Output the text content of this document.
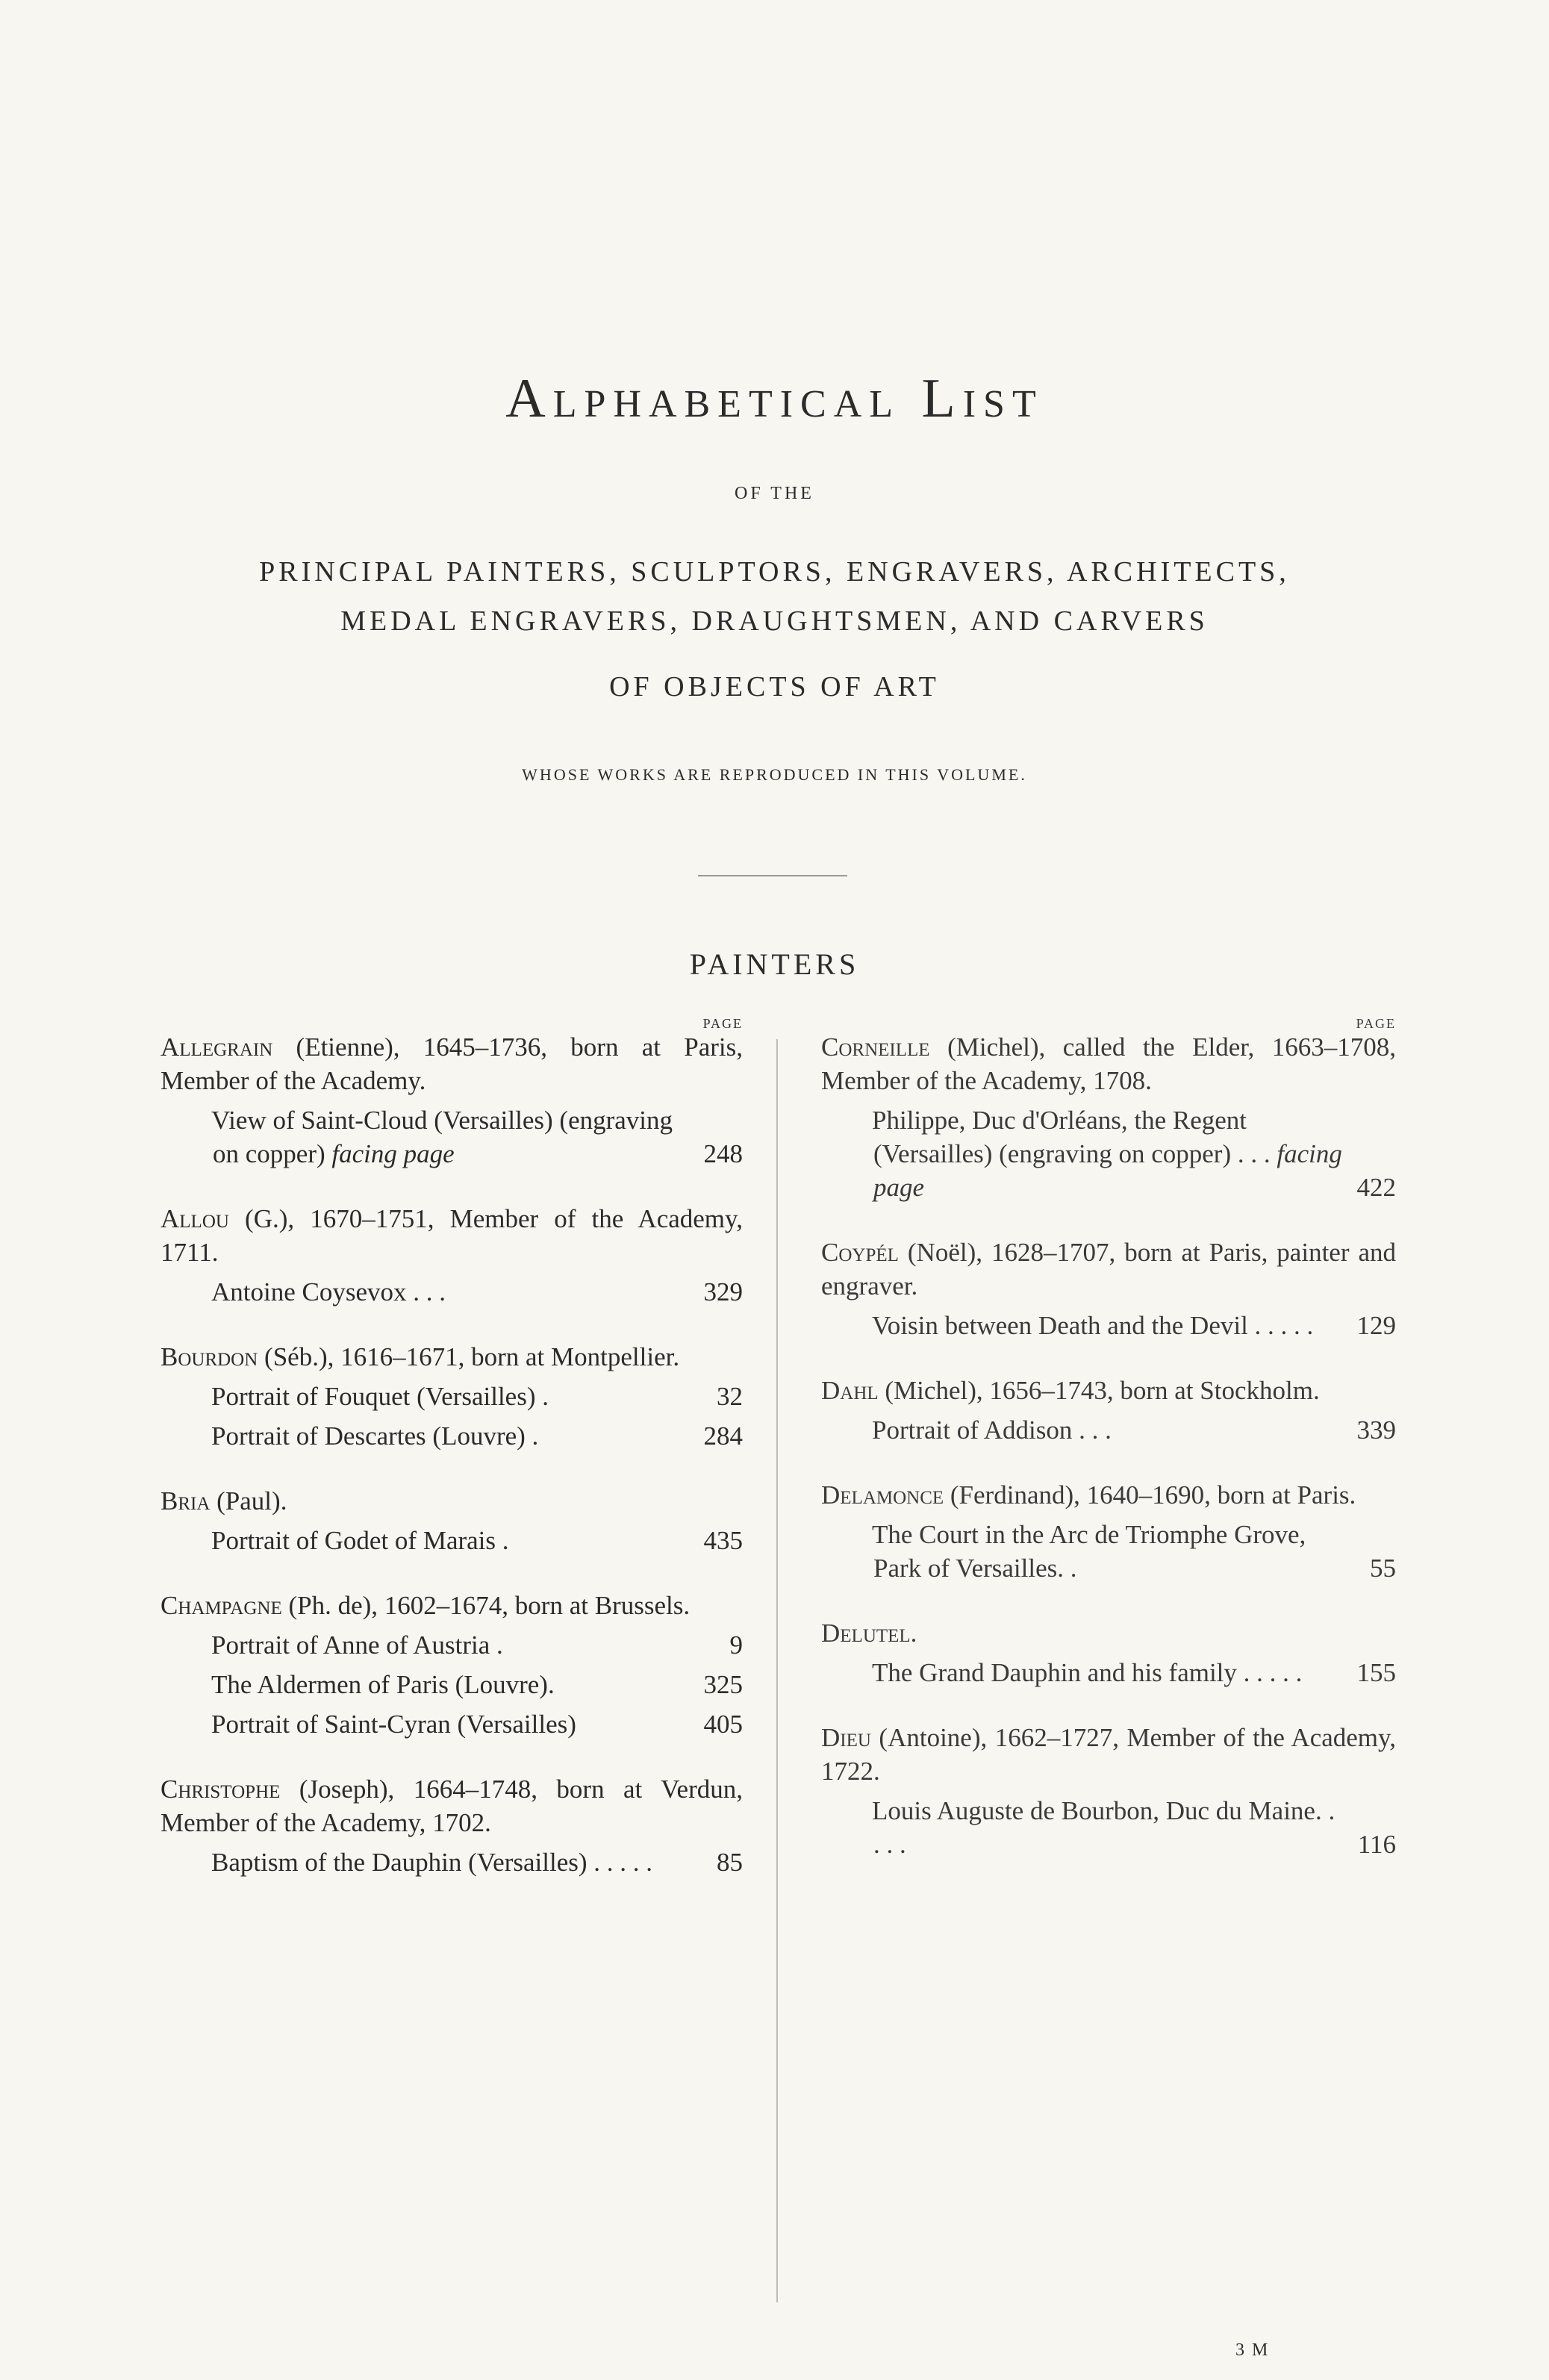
Alphabetical List
OF THE
PRINCIPAL PAINTERS, SCULPTORS, ENGRAVERS, ARCHITECTS,
MEDAL ENGRAVERS, DRAUGHTSMEN, AND CARVERS
OF OBJECTS OF ART
WHOSE WORKS ARE REPRODUCED IN THIS VOLUME.
PAINTERS
PAGE
Allegrain (Etienne), 1645–1736, born at Paris, Member of the Academy.
View of Saint-Cloud (Versailles) (engraving on copper) facing page	248
Allou (G.), 1670–1751, Member of the Academy, 1711.
Antoine Coysevox . . .	329
Bourdon (Séb.), 1616–1671, born at Montpellier.
Portrait of Fouquet (Versailles) .	32
Portrait of Descartes (Louvre) .	284
Bria (Paul).
Portrait of Godet of Marais .	435
Champagne (Ph. de), 1602–1674, born at Brussels.
Portrait of Anne of Austria .	9
The Aldermen of Paris (Louvre).	325
Portrait of Saint-Cyran (Versailles)	405
Christophe (Joseph), 1664–1748, born at Verdun, Member of the Academy, 1702.
Baptism of the Dauphin (Versailles) . . . . .	85
PAGE
Corneille (Michel), called the Elder, 1663–1708, Member of the Academy, 1708.
Philippe, Duc d'Orléans, the Regent (Versailles) (engraving on copper) . . . facing page	422
Coypél (Noël), 1628–1707, born at Paris, painter and engraver.
Voisin between Death and the Devil . . . . .	129
Dahl (Michel), 1656–1743, born at Stockholm.
Portrait of Addison . . .	339
Delamonce (Ferdinand), 1640–1690, born at Paris.
The Court in the Arc de Triomphe Grove, Park of Versailles. .	55
Delutel.
The Grand Dauphin and his family . . . . .	155
Dieu (Antoine), 1662–1727, Member of the Academy, 1722.
Louis Auguste de Bourbon, Duc du Maine. . . . .	116
3 M
